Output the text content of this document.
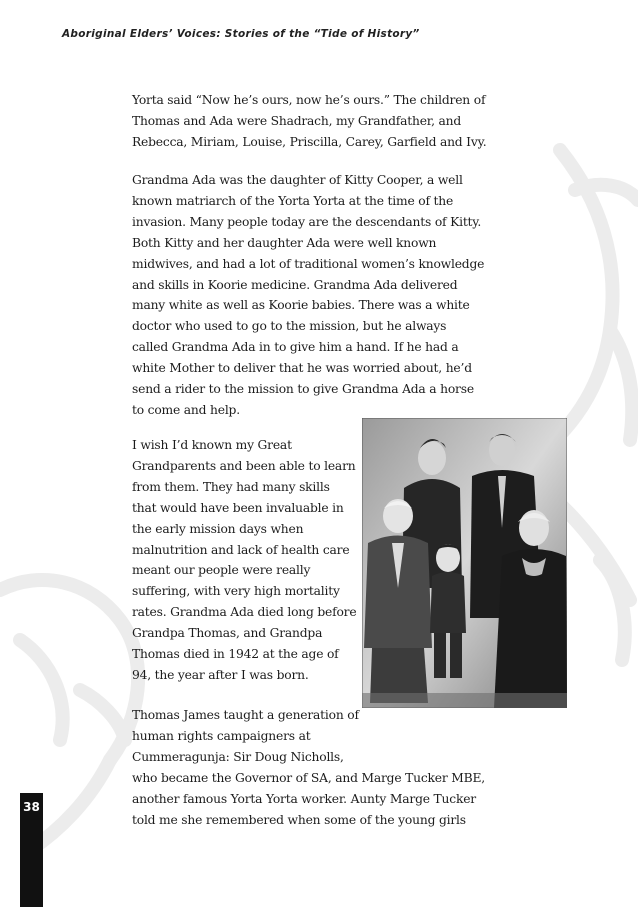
Aboriginal Elders’ Voices: Stories of the “Tide of History”
38

Yorta said “Now he’s ours, now he’s ours.” The children of
Thomas and Ada were Shadrach, my Grandfather, and
Rebecca, Miriam, Louise, Priscilla, Carey, Garfield and Ivy.

Grandma Ada was the daughter of Kitty Cooper, a well
known matriarch of the Yorta Yorta at the time of the
invasion. Many people today are the descendants of Kitty.
Both Kitty and her daughter Ada were well known
midwives, and had a lot of traditional women’s knowledge
and skills in Koorie medicine. Grandma Ada delivered
many white as well as Koorie babies. There was a white
doctor who used to go to the mission, but he always
called Grandma Ada in to give him a hand. If he had a
white Mother to deliver that he was worried about, he’d
send a rider to the mission to give Grandma Ada a horse
to come and help.

I wish I’d known my Great
Grandparents and been able to learn
from them. They had many skills
that would have been invaluable in
the early mission days when
malnutrition and lack of health care
meant our people were really
suffering, with very high mortality
rates. Grandma Ada died long before
Grandpa Thomas, and Grandpa
Thomas died in 1942 at the age of
94, the year after I was born.

Thomas James taught a generation of
human rights campaigners at
Cummeragunja: Sir Doug Nicholls,
who became the Governor of SA, and Marge Tucker MBE,
another famous Yorta Yorta worker. Aunty Marge Tucker
told me she remembered when some of the young girls
